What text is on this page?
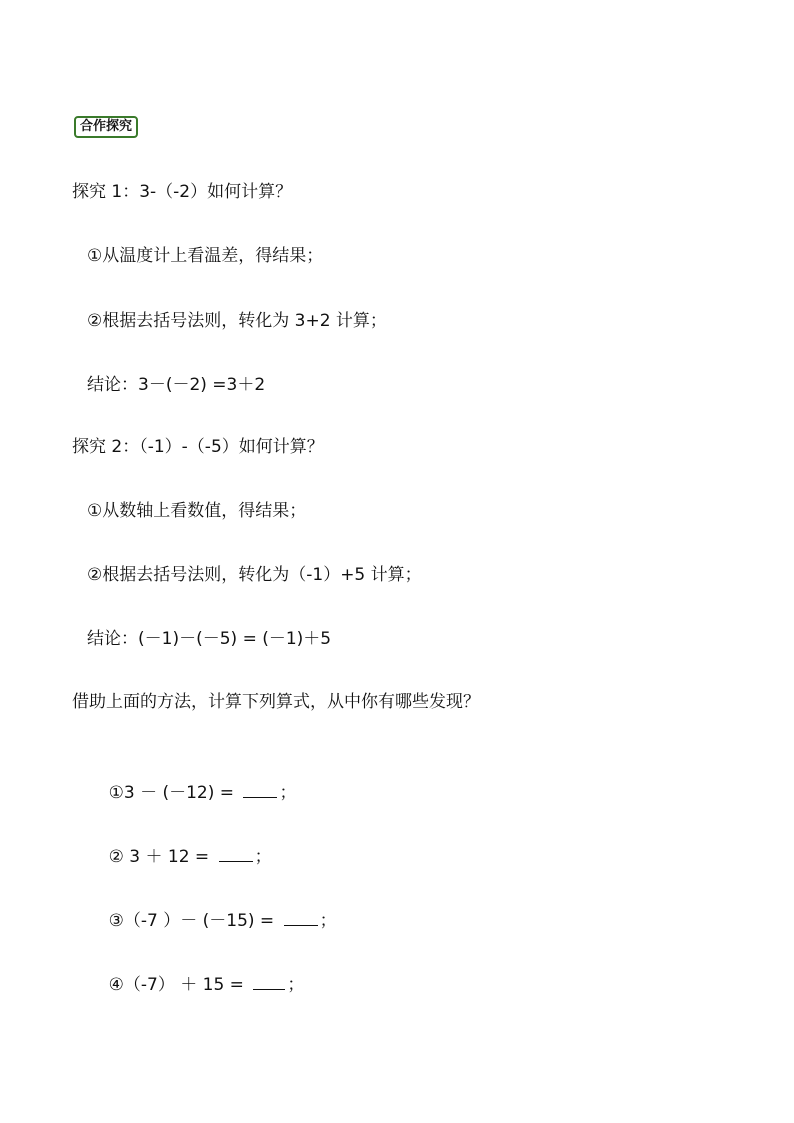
合作探究
探究 1：3-（-2）如何计算？
①从温度计上看温差，得结果；
②根据去括号法则，转化为 3+2 计算；
结论：3－(－2) =3＋2
探究 2：（-1）-（-5）如何计算？
①从数轴上看数值，得结果；
②根据去括号法则，转化为（-1）+5 计算；
结论：(－1)－(－5) = (－1)＋5
借助上面的方法，计算下列算式，从中你有哪些发现？

①3 － (－12) = ；

② 3 ＋ 12 = ；

③（-7 ）－ (－15) = ；

④（-7） ＋ 15 = ；
